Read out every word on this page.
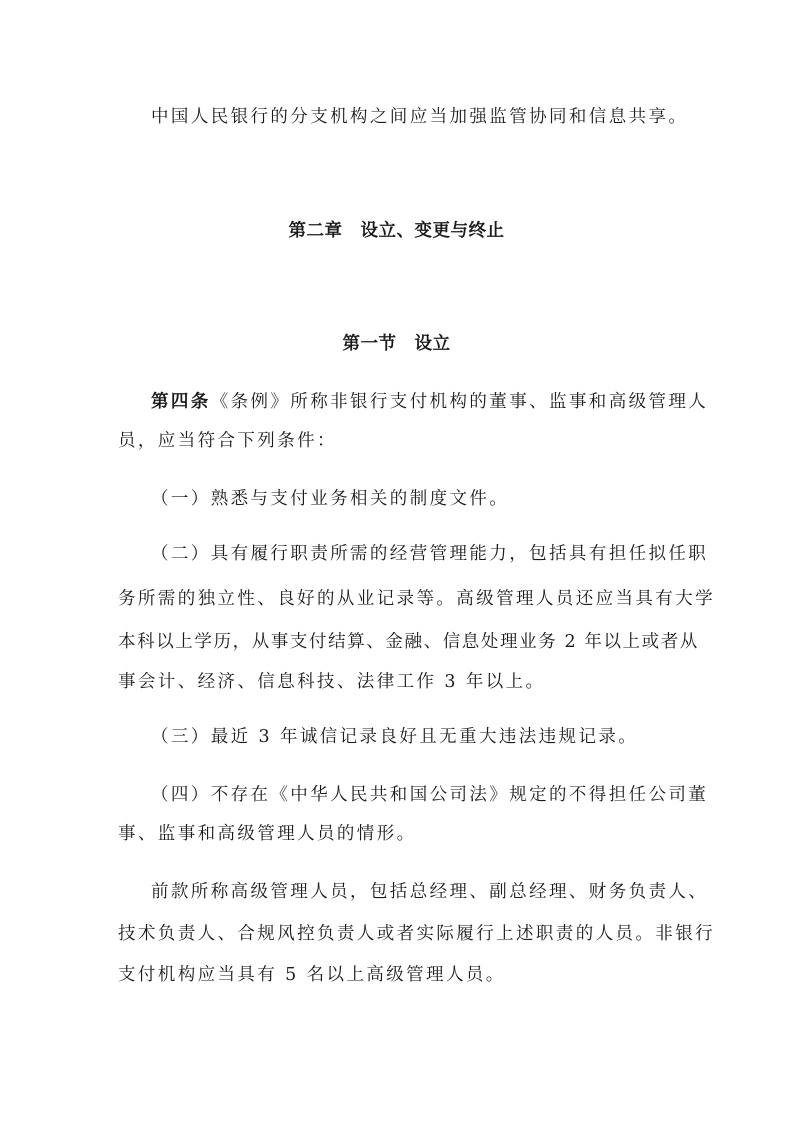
中国人民银行的分支机构之间应当加强监管协同和信息共享。
第二章　设立、变更与终止
第一节　设立
第四条《条例》所称非银行支付机构的董事、监事和高级管理人
员，应当符合下列条件：
（一）熟悉与支付业务相关的制度文件。
（二）具有履行职责所需的经营管理能力，包括具有担任拟任职
务所需的独立性、良好的从业记录等。高级管理人员还应当具有大学
本科以上学历，从事支付结算、金融、信息处理业务 2 年以上或者从
事会计、经济、信息科技、法律工作 3 年以上。
（三）最近 3 年诚信记录良好且无重大违法违规记录。
（四）不存在《中华人民共和国公司法》规定的不得担任公司董
事、监事和高级管理人员的情形。
前款所称高级管理人员，包括总经理、副总经理、财务负责人、
技术负责人、合规风控负责人或者实际履行上述职责的人员。非银行
支付机构应当具有 5 名以上高级管理人员。
